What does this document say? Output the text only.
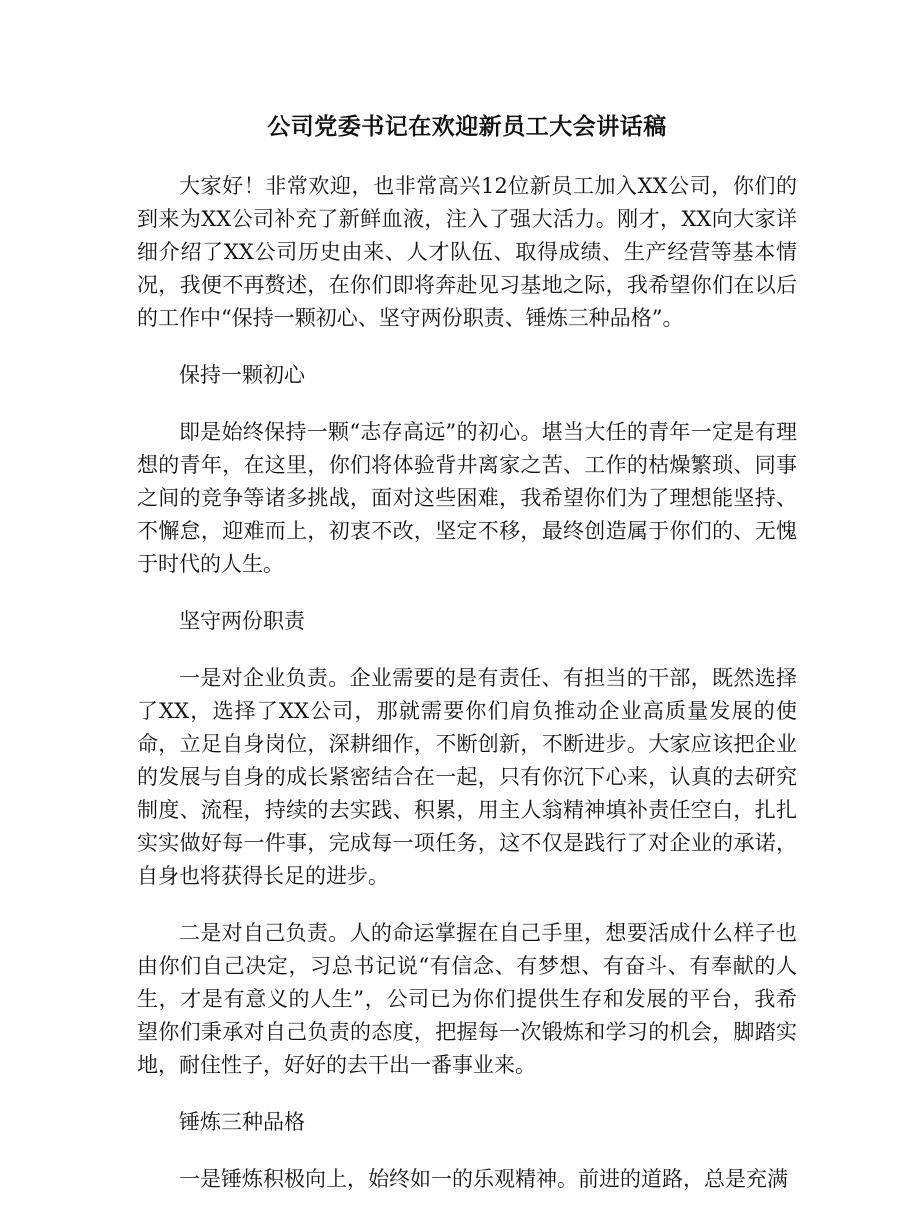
公司党委书记在欢迎新员工大会讲话稿

大家好！非常欢迎，也非常高兴12位新员工加入XX公司，你们的到来为XX公司补充了新鲜血液，注入了强大活力。刚才，XX向大家详细介绍了XX公司历史由来、人才队伍、取得成绩、生产经营等基本情况，我便不再赘述，在你们即将奔赴见习基地之际，我希望你们在以后的工作中“保持一颗初心、坚守两份职责、锤炼三种品格”。

保持一颗初心

即是始终保持一颗“志存高远”的初心。堪当大任的青年一定是有理想的青年，在这里，你们将体验背井离家之苦、工作的枯燥繁琐、同事之间的竞争等诸多挑战，面对这些困难，我希望你们为了理想能坚持、不懈怠，迎难而上，初衷不改，坚定不移，最终创造属于你们的、无愧于时代的人生。

坚守两份职责

一是对企业负责。企业需要的是有责任、有担当的干部，既然选择了XX，选择了XX公司，那就需要你们肩负推动企业高质量发展的使命，立足自身岗位，深耕细作，不断创新，不断进步。大家应该把企业的发展与自身的成长紧密结合在一起，只有你沉下心来，认真的去研究制度、流程，持续的去实践、积累，用主人翁精神填补责任空白，扎扎实实做好每一件事，完成每一项任务，这不仅是践行了对企业的承诺，自身也将获得长足的进步。

二是对自己负责。人的命运掌握在自己手里，想要活成什么样子也由你们自己决定，习总书记说“有信念、有梦想、有奋斗、有奉献的人生，才是有意义的人生”，公司已为你们提供生存和发展的平台，我希望你们秉承对自己负责的态度，把握每一次锻炼和学习的机会，脚踏实地，耐住性子，好好的去干出一番事业来。

锤炼三种品格

一是锤炼积极向上，始终如一的乐观精神。前进的道路，总是充满
